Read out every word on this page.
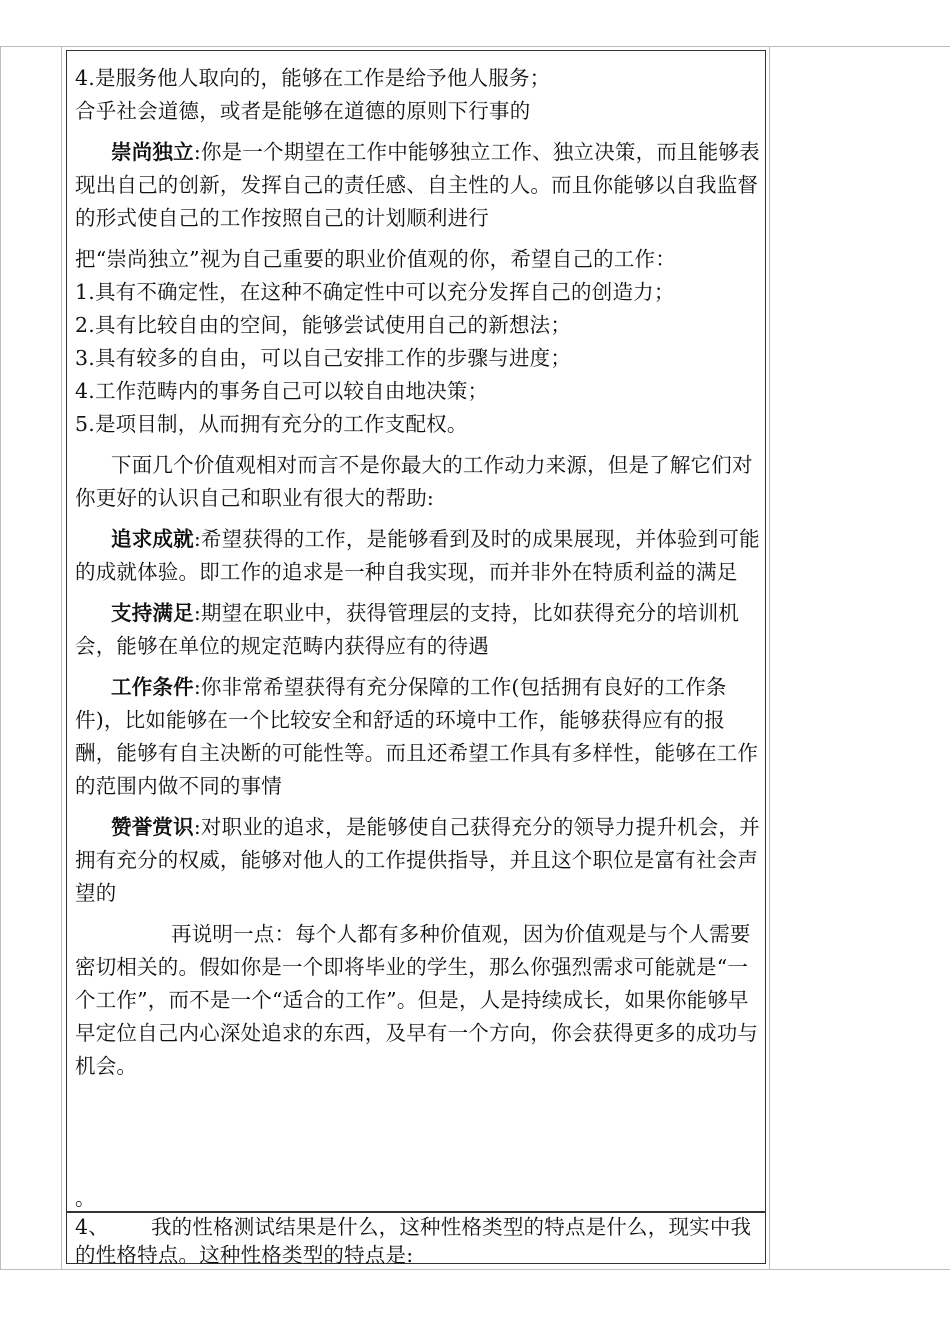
4.是服务他人取向的，能够在工作是给予他人服务；

合乎社会道德，或者是能够在道德的原则下行事的

崇尚独立:你是一个期望在工作中能够独立工作、独立决策，而且能够表现出自己的创新，发挥自己的责任感、自主性的人。而且你能够以自我监督的形式使自己的工作按照自己的计划顺利进行

把“崇尚独立”视为自己重要的职业价值观的你，希望自己的工作：

1.具有不确定性，在这种不确定性中可以充分发挥自己的创造力；

2.具有比较自由的空间，能够尝试使用自己的新想法；

3.具有较多的自由，可以自己安排工作的步骤与进度；

4.工作范畴内的事务自己可以较自由地决策；

5.是项目制，从而拥有充分的工作支配权。

下面几个价值观相对而言不是你最大的工作动力来源，但是了解它们对你更好的认识自己和职业有很大的帮助:

追求成就:希望获得的工作，是能够看到及时的成果展现，并体验到可能的成就体验。即工作的追求是一种自我实现，而并非外在特质利益的满足

支持满足:期望在职业中，获得管理层的支持，比如获得充分的培训机会，能够在单位的规定范畴内获得应有的待遇

工作条件:你非常希望获得有充分保障的工作(包括拥有良好的工作条件)，比如能够在一个比较安全和舒适的环境中工作，能够获得应有的报酬，能够有自主决断的可能性等。而且还希望工作具有多样性，能够在工作的范围内做不同的事情

赞誉赏识:对职业的追求，是能够使自己获得充分的领导力提升机会，并拥有充分的权威，能够对他人的工作提供指导，并且这个职位是富有社会声望的

再说明一点：每个人都有多种价值观，因为价值观是与个人需要密切相关的。假如你是一个即将毕业的学生，那么你强烈需求可能就是“一个工作”，而不是一个“适合的工作”。但是，人是持续成长，如果你能够早早定位自己内心深处追求的东西，及早有一个方向，你会获得更多的成功与机会。

。
4、 我的性格测试结果是什么，这种性格类型的特点是什么，现实中我的性格特点。这种性格类型的特点是:
